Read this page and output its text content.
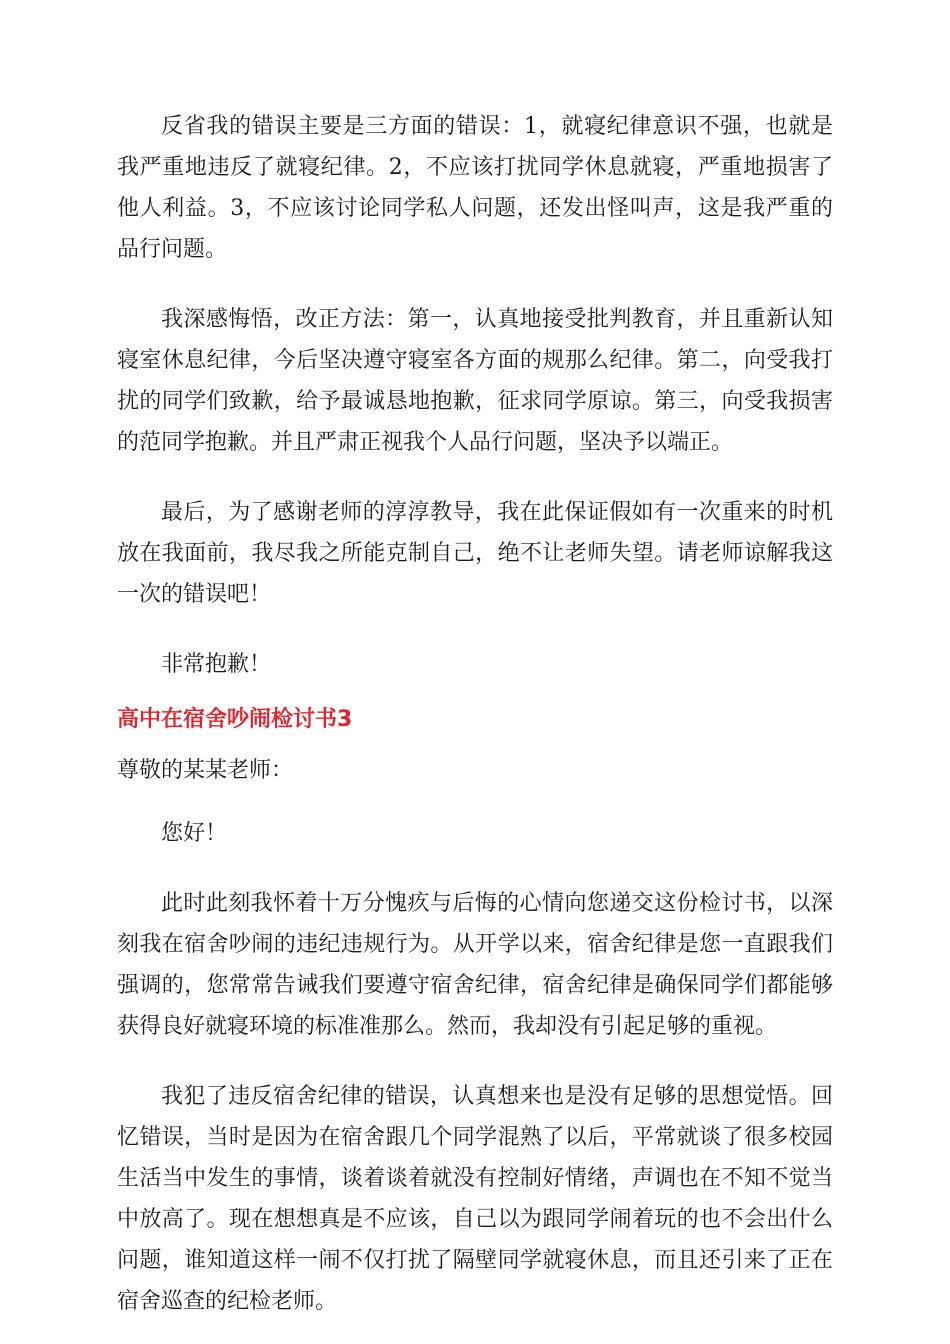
反省我的错误主要是三方面的错误：1，就寝纪律意识不强，也就是我严重地违反了就寝纪律。2，不应该打扰同学休息就寝，严重地损害了他人利益。3，不应该讨论同学私人问题，还发出怪叫声，这是我严重的品行问题。

我深感悔悟，改正方法：第一，认真地接受批判教育，并且重新认知寝室休息纪律，今后坚决遵守寝室各方面的规那么纪律。第二，向受我打扰的同学们致歉，给予最诚恳地抱歉，征求同学原谅。第三，向受我损害的范同学抱歉。并且严肃正视我个人品行问题，坚决予以端正。

最后，为了感谢老师的淳淳教导，我在此保证假如有一次重来的时机放在我面前，我尽我之所能克制自己，绝不让老师失望。请老师谅解我这一次的错误吧！

非常抱歉！

高中在宿舍吵闹检讨书3

尊敬的某某老师：

您好！

此时此刻我怀着十万分愧疚与后悔的心情向您递交这份检讨书，以深刻我在宿舍吵闹的违纪违规行为。从开学以来，宿舍纪律是您一直跟我们强调的，您常常告诫我们要遵守宿舍纪律，宿舍纪律是确保同学们都能够获得良好就寝环境的标准准那么。然而，我却没有引起足够的重视。

我犯了违反宿舍纪律的错误，认真想来也是没有足够的思想觉悟。回忆错误，当时是因为在宿舍跟几个同学混熟了以后，平常就谈了很多校园生活当中发生的事情，谈着谈着就没有控制好情绪，声调也在不知不觉当中放高了。现在想想真是不应该，自己以为跟同学闹着玩的也不会出什么问题，谁知道这样一闹不仅打扰了隔壁同学就寝休息，而且还引来了正在宿舍巡查的纪检老师。
